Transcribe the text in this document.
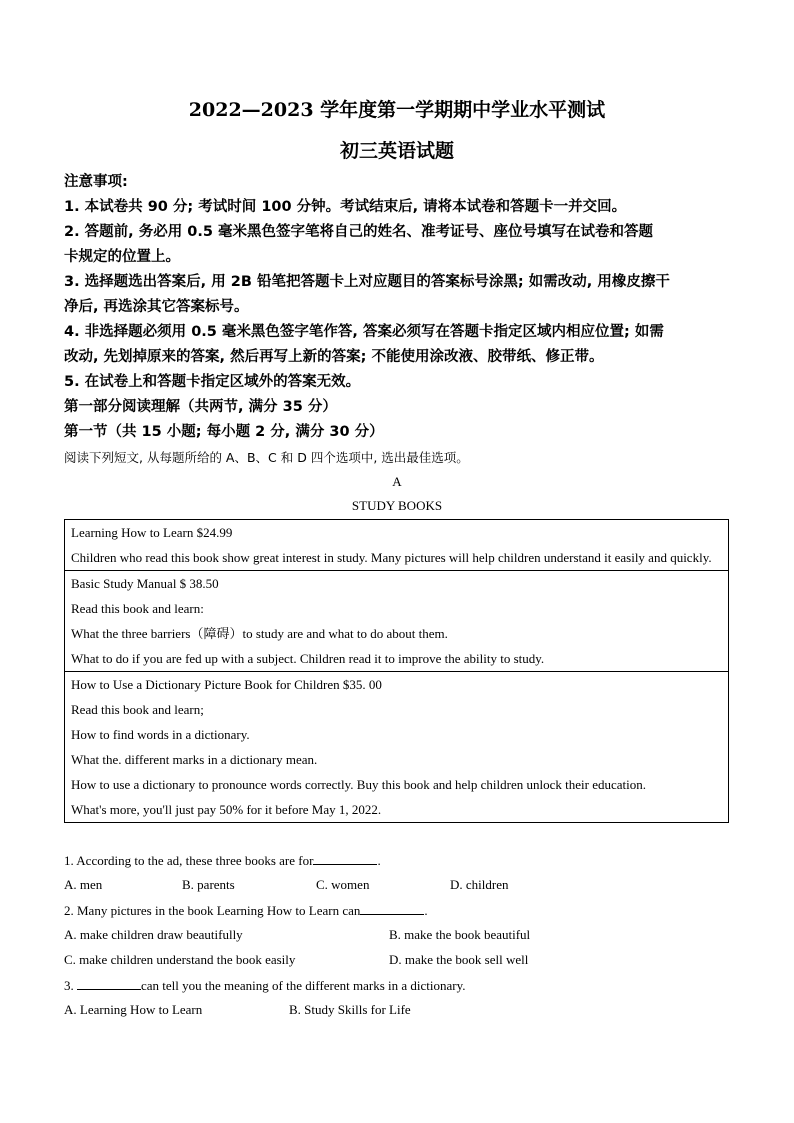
2022—2023 学年度第一学期期中学业水平测试
初三英语试题
注意事项:
1. 本试卷共 90 分; 考试时间 100 分钟。考试结束后, 请将本试卷和答题卡一并交回。
2. 答题前, 务必用 0.5 毫米黑色签字笔将自己的姓名、准考证号、座位号填写在试卷和答题
卡规定的位置上。
3. 选择题选出答案后, 用 2B 铅笔把答题卡上对应题目的答案标号涂黑; 如需改动, 用橡皮擦干
净后, 再选涂其它答案标号。
4. 非选择题必须用 0.5 毫米黑色签字笔作答, 答案必须写在答题卡指定区域内相应位置; 如需
改动, 先划掉原来的答案, 然后再写上新的答案; 不能使用涂改液、胶带纸、修正带。
5. 在试卷上和答题卡指定区域外的答案无效。
第一部分阅读理解（共两节, 满分 35 分）
第一节（共 15 小题; 每小题 2 分, 满分 30 分）
阅读下列短文, 从每题所给的 A、B、C 和 D 四个选项中, 选出最佳选项。
A
STUDY BOOKS
Learning How to Learn $24.99
Children who read this book show great interest in study. Many pictures will help children understand it easily and quickly.

Basic Study Manual $ 38.50
Read this book and learn:
What the three barriers（障碍）to study are and what to do about them.
What to do if you are fed up with a subject. Children read it to improve the ability to study.

How to Use a Dictionary Picture Book for Children $35. 00
Read this book and learn;
How to find words in a dictionary.
What the. different marks in a dictionary mean.
How to use a dictionary to pronounce words correctly. Buy this book and help children unlock their education.
What's more, you'll just pay 50% for it before May 1, 2022.
1. According to the ad, these three books are for	.
A. men	B. parents	C. women	D. children
2. Many pictures in the book Learning How to Learn can	.
A. make children draw beautifully	B. make the book beautiful
C. make children understand the book easily	D. make the book sell well
3.	can tell you the meaning of the different marks in a dictionary.
A. Learning How to Learn	B. Study Skills for Life
